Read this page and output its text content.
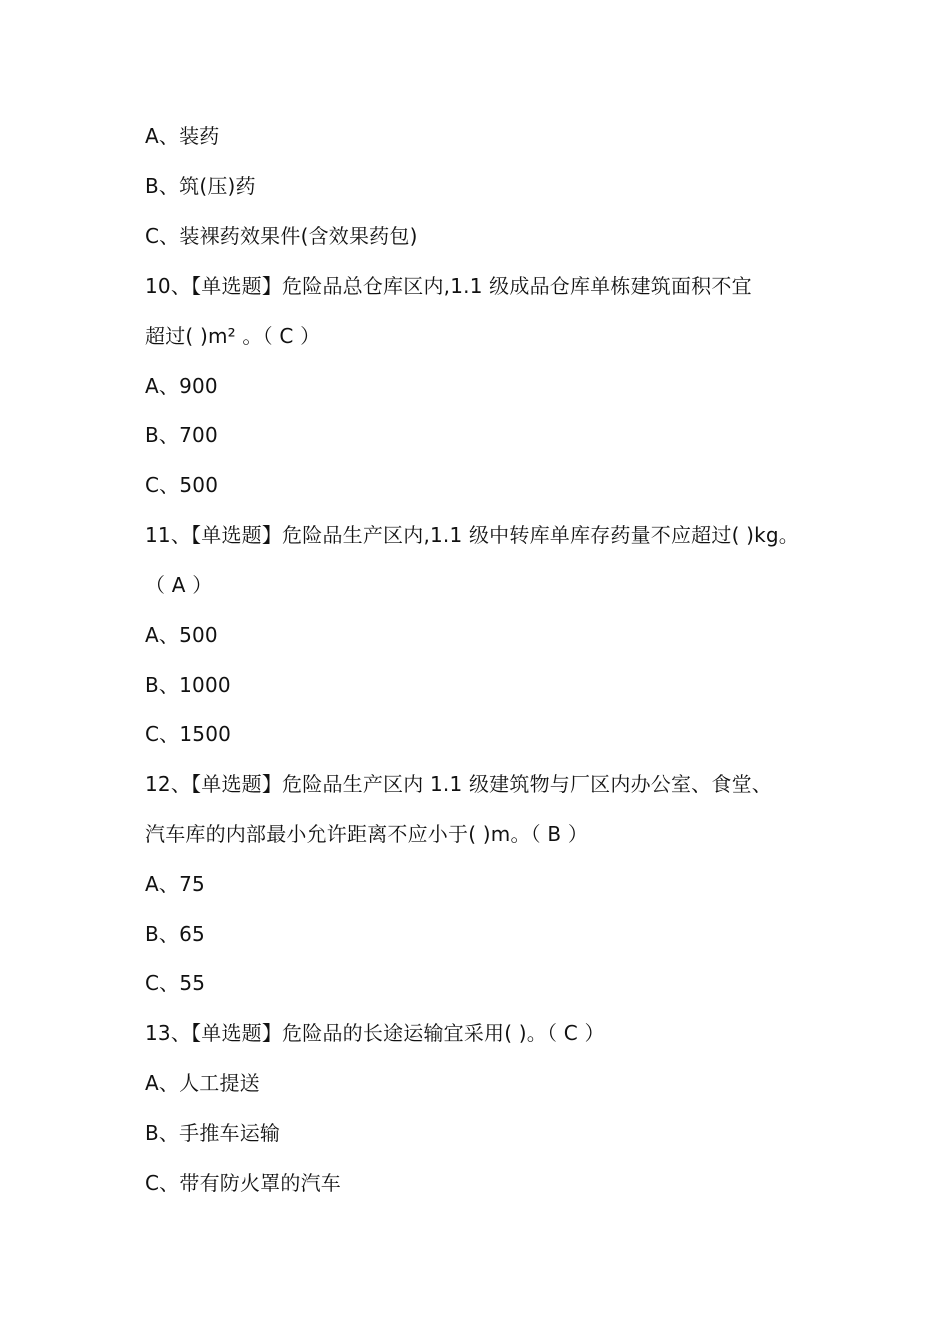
A、装药
B、筑(压)药
C、装裸药效果件(含效果药包)
10、【单选题】危险品总仓库区内,1.1 级成品仓库单栋建筑面积不宜
超过( )m² 。（ C ）
A、900
B、700
C、500
11、【单选题】危险品生产区内,1.1 级中转库单库存药量不应超过( )kg。
（ A ）
A、500
B、1000
C、1500
12、【单选题】危险品生产区内 1.1 级建筑物与厂区内办公室、食堂、
汽车库的内部最小允许距离不应小于( )m。（ B ）
A、75
B、65
C、55
13、【单选题】危险品的长途运输宜采用( )。（ C ）
A、人工提送
B、手推车运输
C、带有防火罩的汽车
